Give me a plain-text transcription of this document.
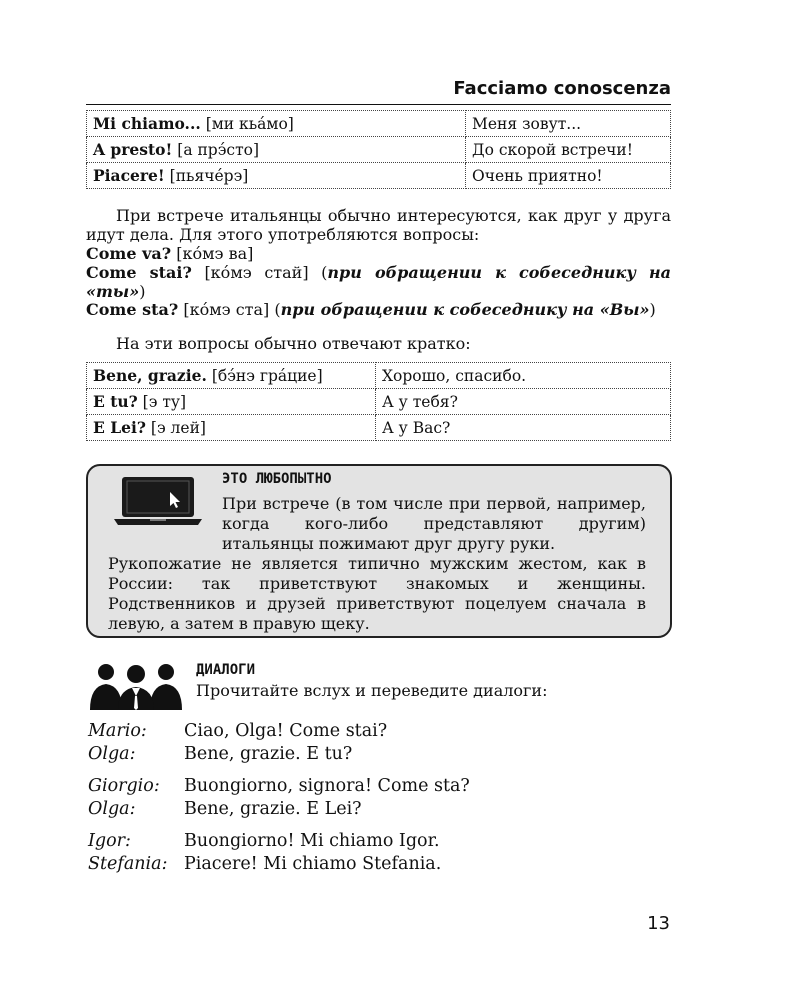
Facciamo conoscenza
Mi chiamo... [ми кьа́мо]	Меня зовут...
A presto! [а прэ́сто]	До скорой встречи!
Piacere! [пьячéрэ]	Очень приятно!

При встрече итальянцы обычно интересуются, как друг у друга идут дела. Для этого употребляются вопросы:

Come va? [кóмэ ва]

Come stai? [кóмэ стай] (при обращении к собеседнику на «ты»)

Come sta? [кóмэ ста] (при обращении к собеседнику на «Вы»)

На эти вопросы обычно отвечают кратко:

Bene, grazie. [бэ́нэ гра́цие]	Хорошо, спасибо.
E tu? [э ту]	А у тебя?
E Lei? [э лей]	А у Вас?
ЭТО ЛЮБОПЫТНО

При встрече (в том числе при первой, например, когда кого-либо представляют другим) итальянцы пожимают друг другу руки.

Рукопожатие не является типично мужским жестом, как в России: так приветствуют знакомых и женщины. Родственников и друзей приветствуют поцелуем сначала в левую, а затем в правую щеку.

ДИАЛОГИ
Прочитайте вслух и переведите диалоги:
Mario: Ciao, Olga! Come stai?
Olga:	Bene, grazie. E tu?
Giorgio: Buongiorno, signora! Come sta?
Olga:	Bene, grazie. E Lei?
Igor:	Buongiorno! Mi chiamo Igor.
Stefania: Piacere! Mi chiamo Stefania.
13
